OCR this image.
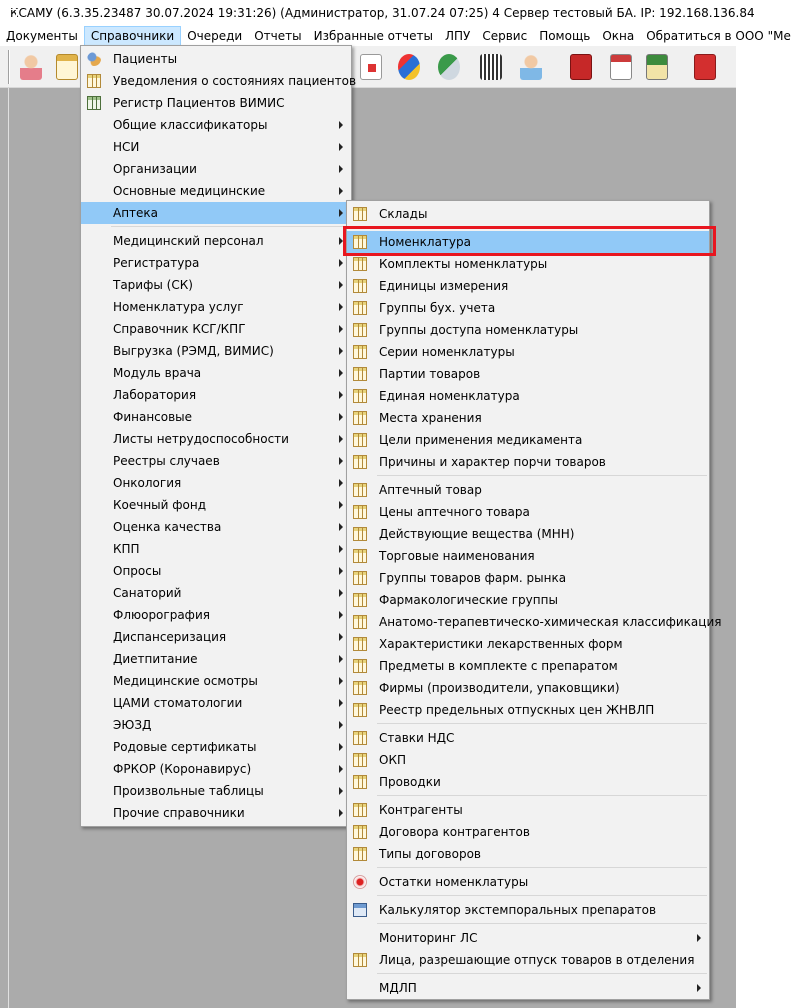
КСАМУ (6.3.35.23487 30.07.2024 19:31:26) (Администратор, 31.07.24 07:25) 4 Сервер тестовый БА. IP: 192.168.136.84
Документы	Справочники	Очереди	Отчеты	Избранные отчеты	ЛПУ	Сервис	Помощь	Окна	Обратиться в ООО "Ме
Пациенты
Уведомления о состояниях пациентов
Регистр Пациентов ВИМИС
Общие классификаторы
НСИ
Организации
Основные медицинские
Аптека
Медицинский персонал
Регистратура
Тарифы (СК)
Номенклатура услуг
Справочник КСГ/КПГ
Выгрузка (РЭМД, ВИМИС)
Модуль врача
Лаборатория
Финансовые
Листы нетрудоспособности
Реестры случаев
Онкология
Коечный фонд
Оценка качества
КПП
Опросы
Санаторий
Флюорография
Диспансеризация
Диетпитание
Медицинские осмотры
ЦАМИ стоматологии
ЭЮЗД
Родовые сертификаты
ФРКОР (Коронавирус)
Произвольные таблицы
Прочие справочники
Склады
Номенклатура
Комплекты номенклатуры
Единицы измерения
Группы бух. учета
Группы доступа номенклатуры
Серии номенклатуры
Партии товаров
Единая номенклатура
Места хранения
Цели применения медикамента
Причины и характер порчи товаров
Аптечный товар
Цены аптечного товара
Действующие вещества (МНН)
Торговые наименования
Группы товаров фарм. рынка
Фармакологические группы
Анатомо-терапевтическо-химическая классификация
Характеристики лекарственных форм
Предметы в комплекте с препаратом
Фирмы (производители, упаковщики)
Реестр предельных отпускных цен ЖНВЛП
Ставки НДС
ОКП
Проводки
Контрагенты
Договора контрагентов
Типы договоров
Остатки номенклатуры
Калькулятор экстемпоральных препаратов
Мониторинг ЛС
Лица, разрешающие отпуск товаров в отделения
МДЛП
